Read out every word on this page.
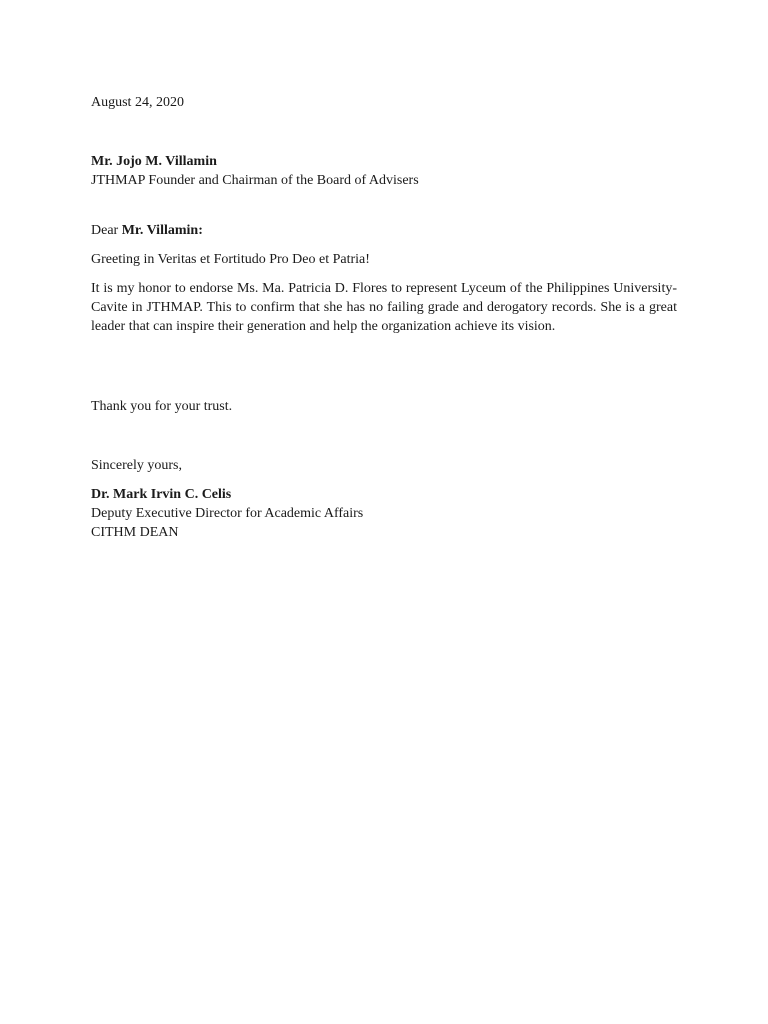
August 24, 2020

Mr. Jojo M. Villamin

JTHMAP Founder and Chairman of the Board of Advisers

Dear Mr. Villamin:

Greeting in Veritas et Fortitudo Pro Deo et Patria!

It is my honor to endorse Ms. Ma. Patricia D. Flores to represent Lyceum of the Philippines University-Cavite in JTHMAP. This to confirm that she has no failing grade and derogatory records. She is a great leader that can inspire their generation and help the organization achieve its vision.

Thank you for your trust.

Sincerely yours,

Dr. Mark Irvin C. Celis

Deputy Executive Director for Academic Affairs

CITHM DEAN
